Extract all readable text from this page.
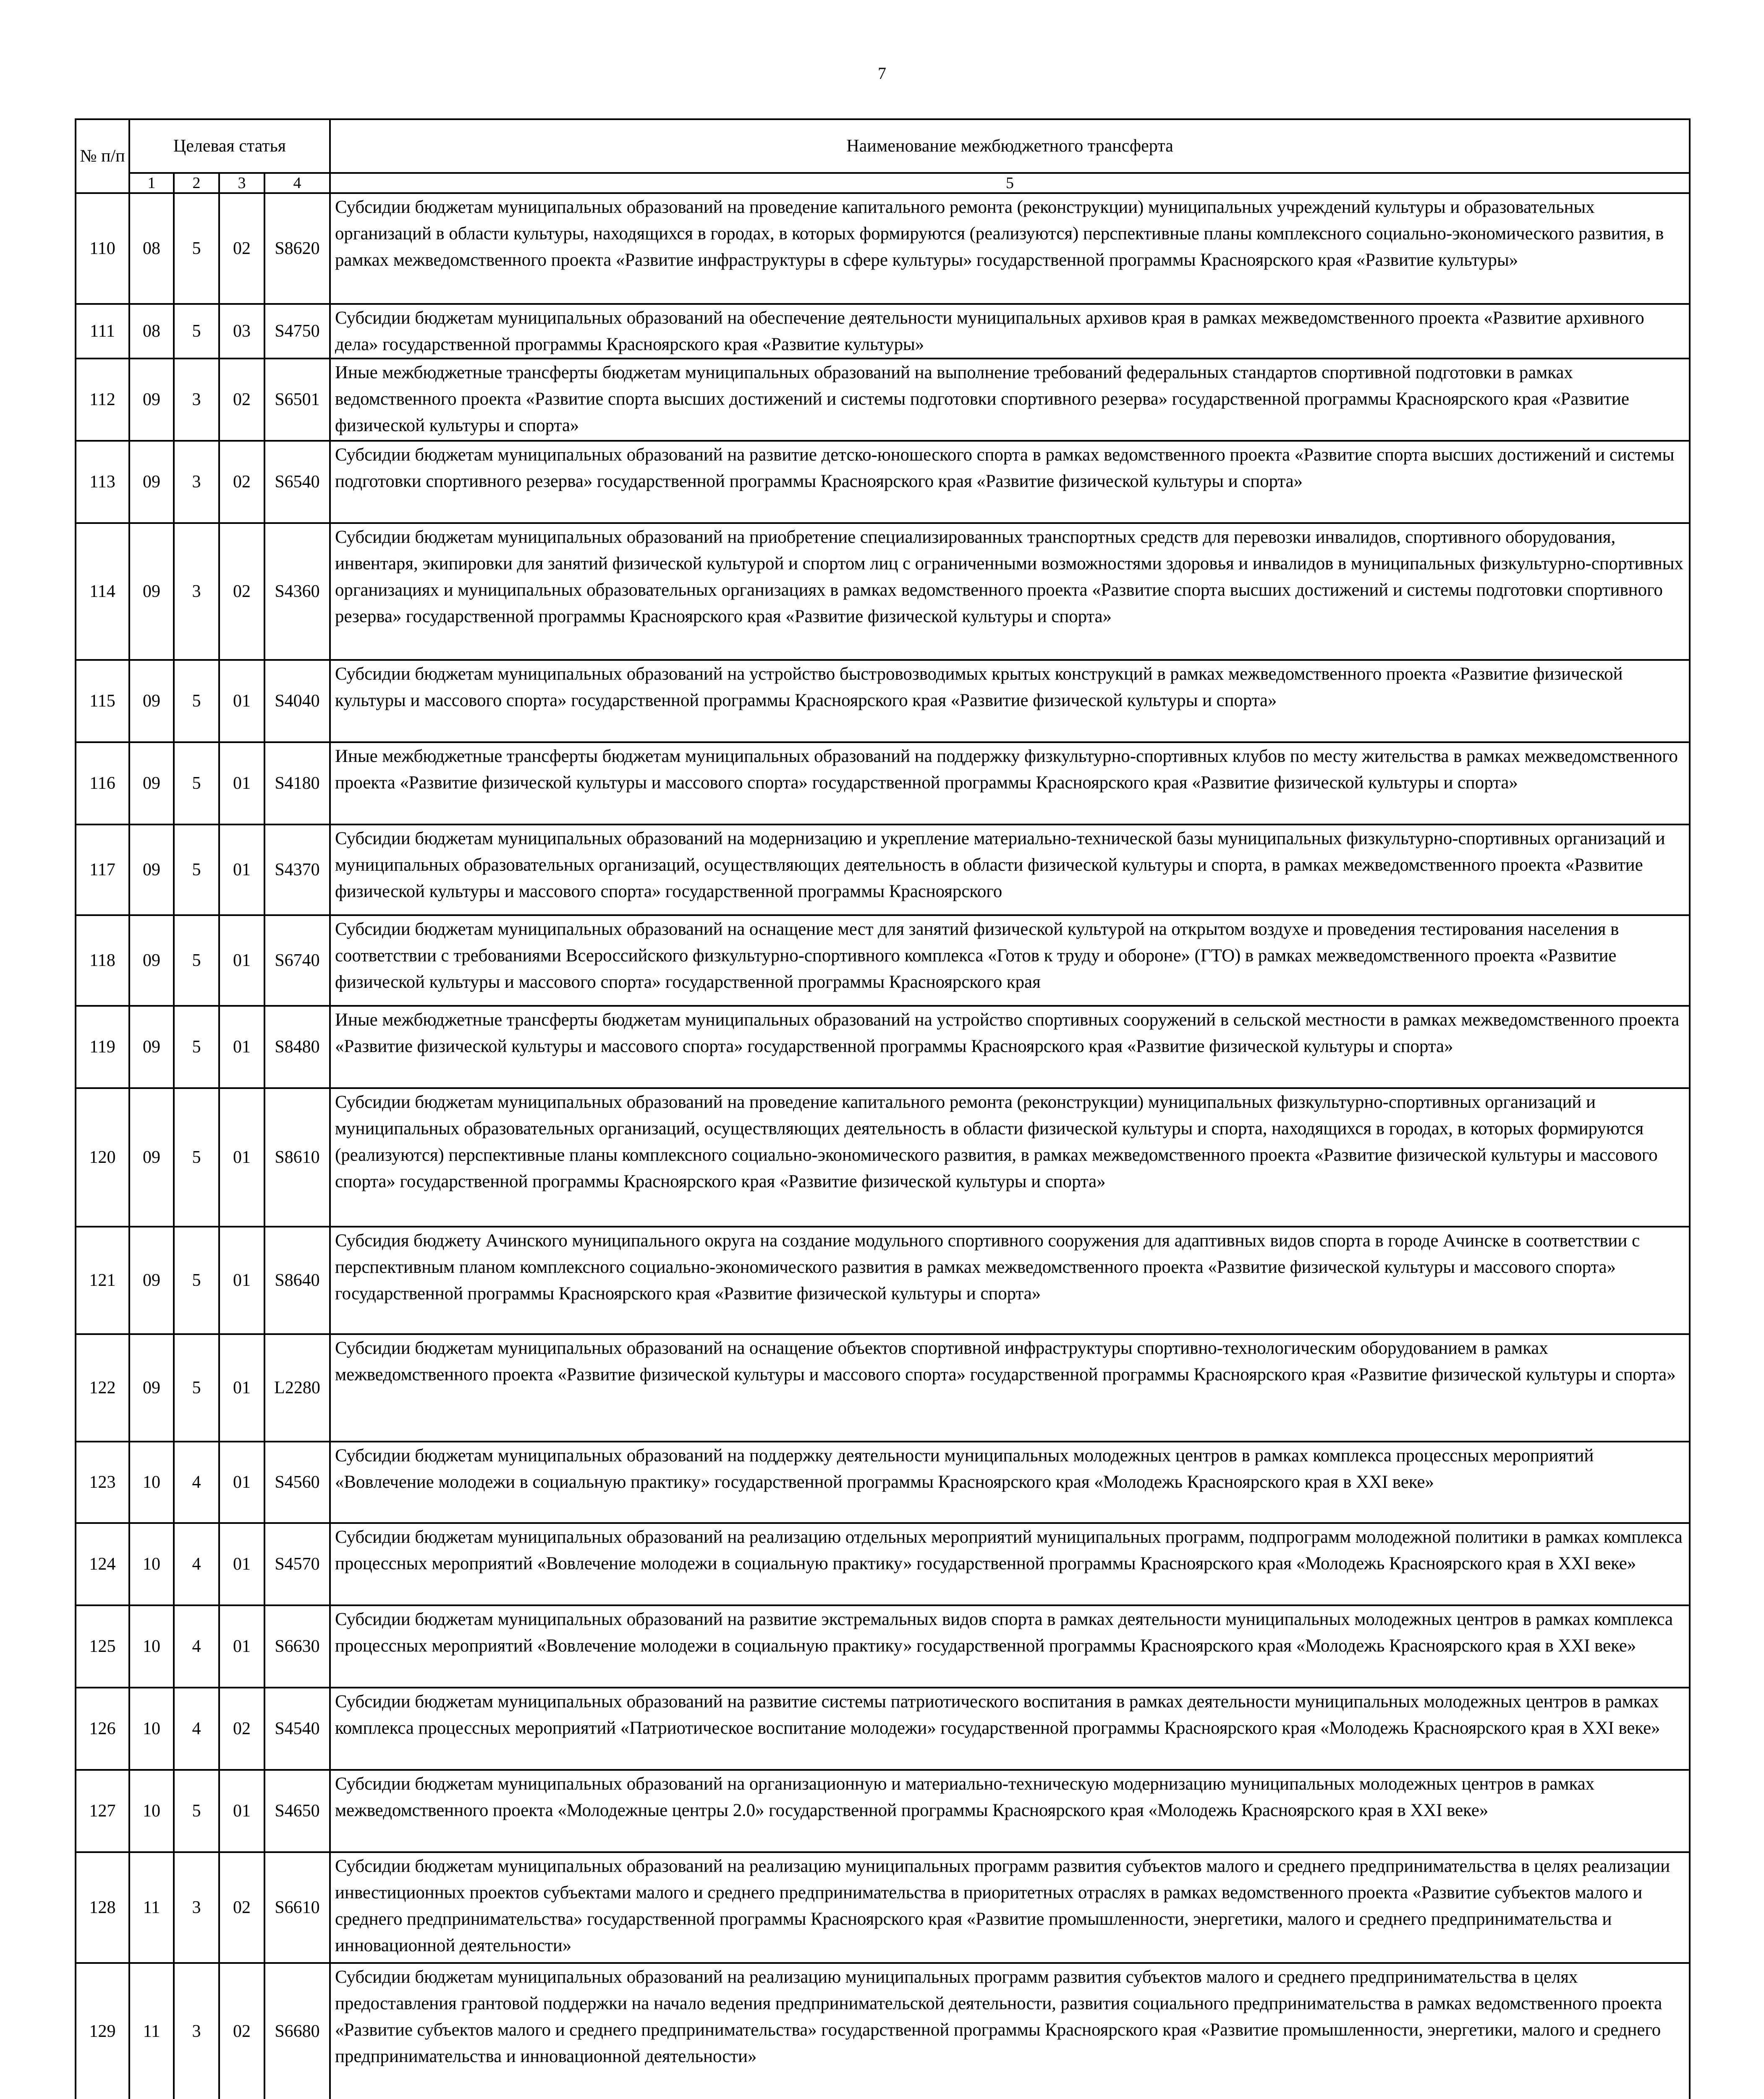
7
№ п/п	Целевая статья				Наименование межбюджетного трансферта
	1	2	3	4	5
110	08	5	02	S8620	Субсидии бюджетам муниципальных образований на проведение капитального ремонта (реконструкции) муниципальных учреждений культуры и образовательных организаций в области культуры, находящихся в городах, в которых формируются (реализуются) перспективные планы комплексного социально-экономического развития, в рамках межведомственного проекта «Развитие инфраструктуры в сфере культуры» государственной программы Красноярского края «Развитие культуры»
111	08	5	03	S4750	Субсидии бюджетам муниципальных образований на обеспечение деятельности муниципальных архивов края в рамках межведомственного проекта «Развитие архивного дела» государственной программы Красноярского края «Развитие культуры»
112	09	3	02	S6501	Иные межбюджетные трансферты бюджетам муниципальных образований на выполнение требований федеральных стандартов спортивной подготовки в рамках ведомственного проекта «Развитие спорта высших достижений и системы подготовки спортивного резерва» государственной программы Красноярского края «Развитие физической культуры и спорта»
113	09	3	02	S6540	Субсидии бюджетам муниципальных образований на развитие детско-юношеского спорта в рамках ведомственного проекта «Развитие спорта высших достижений и системы подготовки спортивного резерва» государственной программы Красноярского края «Развитие физической культуры и спорта»
114	09	3	02	S4360	Субсидии бюджетам муниципальных образований на приобретение специализированных транспортных средств для перевозки инвалидов, спортивного оборудования, инвентаря, экипировки для занятий физической культурой и спортом лиц с ограниченными возможностями здоровья и инвалидов в муниципальных физкультурно-спортивных организациях и муниципальных образовательных организациях в рамках ведомственного проекта «Развитие спорта высших достижений и системы подготовки спортивного резерва» государственной программы Красноярского края «Развитие физической культуры и спорта»
115	09	5	01	S4040	Субсидии бюджетам муниципальных образований на устройство быстровозводимых крытых конструкций в рамках межведомственного проекта «Развитие физической культуры и массового спорта» государственной программы Красноярского края «Развитие физической культуры и спорта»
116	09	5	01	S4180	Иные межбюджетные трансферты бюджетам муниципальных образований на поддержку физкультурно-спортивных клубов по месту жительства в рамках межведомственного проекта «Развитие физической культуры и массового спорта» государственной программы Красноярского края «Развитие физической культуры и спорта»
117	09	5	01	S4370	Субсидии бюджетам муниципальных образований на модернизацию и укрепление материально-технической базы муниципальных физкультурно-спортивных организаций и муниципальных образовательных организаций, осуществляющих деятельность в области физической культуры и спорта, в рамках межведомственного проекта «Развитие физической культуры и массового спорта» государственной программы Красноярского
118	09	5	01	S6740	Субсидии бюджетам муниципальных образований на оснащение мест для занятий физической культурой на открытом воздухе и проведения тестирования населения в соответствии с требованиями Всероссийского физкультурно-спортивного комплекса «Готов к труду и обороне» (ГТО) в рамках межведомственного проекта «Развитие физической культуры и массового спорта» государственной программы Красноярского края
119	09	5	01	S8480	Иные межбюджетные трансферты бюджетам муниципальных образований на устройство спортивных сооружений в сельской местности в рамках межведомственного проекта «Развитие физической культуры и массового спорта» государственной программы Красноярского края «Развитие физической культуры и спорта»
120	09	5	01	S8610	Субсидии бюджетам муниципальных образований на проведение капитального ремонта (реконструкции) муниципальных физкультурно-спортивных организаций и муниципальных образовательных организаций, осуществляющих деятельность в области физической культуры и спорта, находящихся в городах, в которых формируются (реализуются) перспективные планы комплексного социально-экономического развития, в рамках межведомственного проекта «Развитие физической культуры и массового спорта» государственной программы Красноярского края «Развитие физической культуры и спорта»
121	09	5	01	S8640	Субсидия бюджету Ачинского муниципального округа на создание модульного спортивного сооружения для адаптивных видов спорта в городе Ачинске в соответствии с перспективным планом комплексного социально-экономического развития в рамках межведомственного проекта «Развитие физической культуры и массового спорта» государственной программы Красноярского края «Развитие физической культуры и спорта»
122	09	5	01	L2280	Субсидии бюджетам муниципальных образований на оснащение объектов спортивной инфраструктуры спортивно-технологическим оборудованием в рамках межведомственного проекта «Развитие физической культуры и массового спорта» государственной программы Красноярского края «Развитие физической культуры и спорта»
123	10	4	01	S4560	Субсидии бюджетам муниципальных образований на поддержку деятельности муниципальных молодежных центров в рамках комплекса процессных мероприятий «Вовлечение молодежи в социальную практику» государственной программы Красноярского края «Молодежь Красноярского края в XXI веке»
124	10	4	01	S4570	Субсидии бюджетам муниципальных образований на реализацию отдельных мероприятий муниципальных программ, подпрограмм молодежной политики в рамках комплекса процессных мероприятий «Вовлечение молодежи в социальную практику» государственной программы Красноярского края «Молодежь Красноярского края в XXI веке»
125	10	4	01	S6630	Субсидии бюджетам муниципальных образований на развитие экстремальных видов спорта в рамках деятельности муниципальных молодежных центров в рамках комплекса процессных мероприятий «Вовлечение молодежи в социальную практику» государственной программы Красноярского края «Молодежь Красноярского края в XXI веке»
126	10	4	02	S4540	Субсидии бюджетам муниципальных образований на развитие системы патриотического воспитания в рамках деятельности муниципальных молодежных центров в рамках комплекса процессных мероприятий «Патриотическое воспитание молодежи» государственной программы Красноярского края «Молодежь Красноярского края в XXI веке»
127	10	5	01	S4650	Субсидии бюджетам муниципальных образований на организационную и материально-техническую модернизацию муниципальных молодежных центров в рамках межведомственного проекта «Молодежные центры 2.0» государственной программы Красноярского края «Молодежь Красноярского края в XXI веке»
128	11	3	02	S6610	Субсидии бюджетам муниципальных образований на реализацию муниципальных программ развития субъектов малого и среднего предпринимательства в целях реализации инвестиционных проектов субъектами малого и среднего предпринимательства в приоритетных отраслях в рамках ведомственного проекта «Развитие субъектов малого и среднего предпринимательства» государственной программы Красноярского края «Развитие промышленности, энергетики, малого и среднего предпринимательства и инновационной деятельности»
129	11	3	02	S6680	Субсидии бюджетам муниципальных образований на реализацию муниципальных программ развития субъектов малого и среднего предпринимательства в целях предоставления грантовой поддержки на начало ведения предпринимательской деятельности, развития социального предпринимательства в рамках ведомственного проекта «Развитие субъектов малого и среднего предпринимательства» государственной программы Красноярского края «Развитие промышленности, энергетики, малого и среднего предпринимательства и инновационной деятельности»
